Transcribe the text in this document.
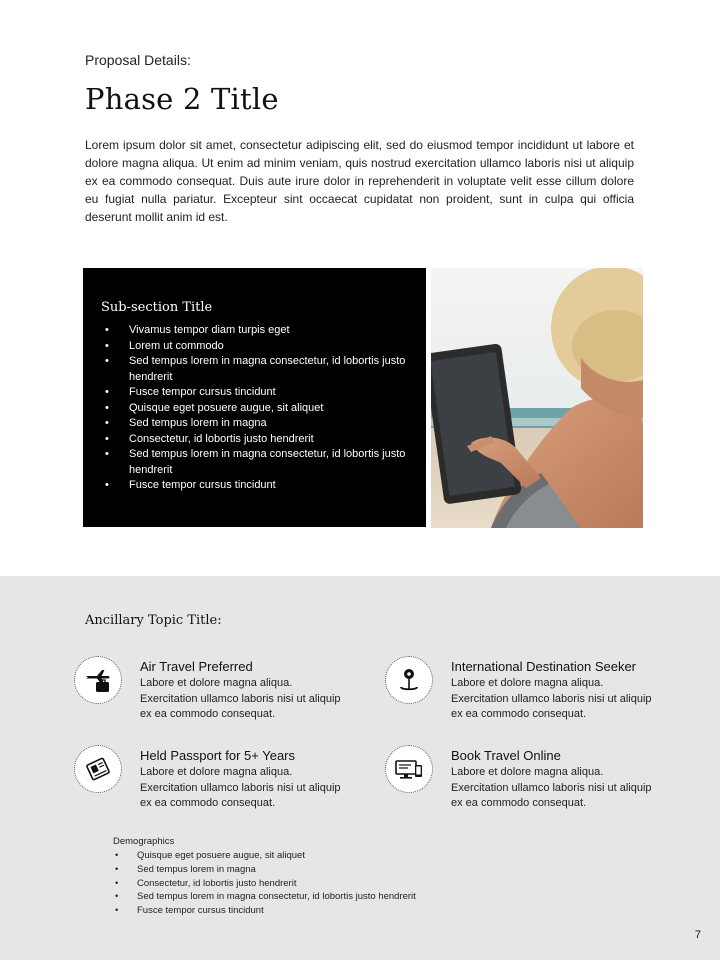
Proposal Details:
Phase 2 Title

Lorem ipsum dolor sit amet, consectetur adipiscing elit, sed do eiusmod tempor incididunt ut labore et dolore magna aliqua. Ut enim ad minim veniam, quis nostrud exercitation ullamco laboris nisi ut aliquip ex ea commodo consequat. Duis aute irure dolor in reprehenderit in voluptate velit esse cillum dolore eu fugiat nulla pariatur. Excepteur sint occaecat cupidatat non proident, sunt in culpa qui officia deserunt mollit anim id est.

Sub-section Title
• Vivamus tempor diam turpis eget
• Lorem ut commodo
• Sed tempus lorem in magna consectetur, id lobortis justo hendrerit
• Fusce tempor cursus tincidunt
• Quisque eget posuere augue, sit aliquet
• Sed tempus lorem in magna
• Consectetur, id lobortis justo hendrerit
• Sed tempus lorem in magna consectetur, id lobortis justo hendrerit
• Fusce tempor cursus tincidunt
Ancillary Topic Title:
Air Travel Preferred

Labore et dolore magna aliqua. Exercitation ullamco laboris nisi ut aliquip ex ea commodo consequat.

International Destination Seeker

Labore et dolore magna aliqua. Exercitation ullamco laboris nisi ut aliquip ex ea commodo consequat.

Held Passport for 5+ Years

Labore et dolore magna aliqua. Exercitation ullamco laboris nisi ut aliquip ex ea commodo consequat.

Book Travel Online

Labore et dolore magna aliqua. Exercitation ullamco laboris nisi ut aliquip ex ea commodo consequat.

Demographics

• Quisque eget posuere augue, sit aliquet
• Sed tempus lorem in magna
• Consectetur, id lobortis justo hendrerit
• Sed tempus lorem in magna consectetur, id lobortis justo hendrerit
• Fusce tempor cursus tincidunt
7
